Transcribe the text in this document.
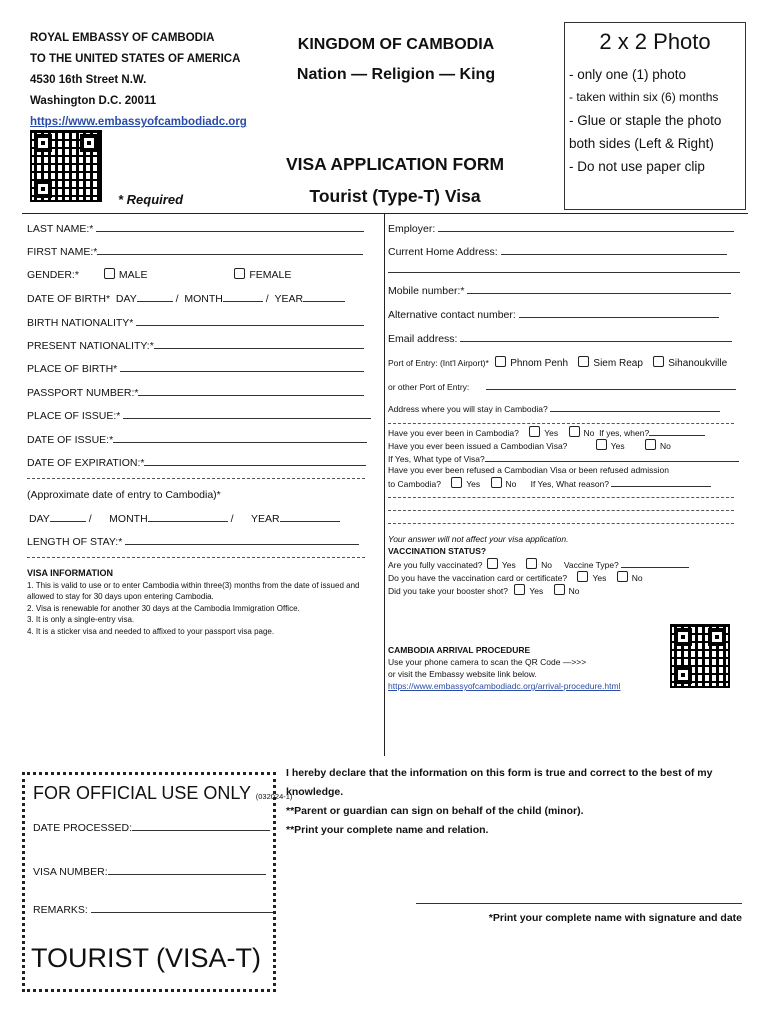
ROYAL EMBASSY OF CAMBODIA
TO THE UNITED STATES OF AMERICA
4530 16th Street N.W.
Washington D.C. 20011
https://www.embassyofcambodiadc.org
* Required
KINGDOM OF CAMBODIA
Nation — Religion — King
VISA APPLICATION FORM
Tourist (Type-T) Visa
2 x 2 Photo
- only one (1) photo
- taken within six (6) months
- Glue or staple the photo
both sides (Left & Right)
- Do not use paper clip
LAST NAME:*
FIRST NAME:*
GENDER:*	MALE	FEMALE
DATE OF BIRTH* DAY	/  MONTH	/  YEAR
BIRTH NATIONALITY*
PRESENT NATIONALITY:*
PLACE OF BIRTH*
PASSPORT NUMBER:*
PLACE OF ISSUE:*
DATE OF ISSUE:*
DATE OF EXPIRATION:*
(Approximate date of entry to Cambodia)*
DAY	/      MONTH	/      YEAR
LENGTH OF STAY:*
VISA INFORMATION
1. This is valid to use or to enter Cambodia within three(3) months from the date of issued and allowed to stay for 30 days upon entering Cambodia.
2. Visa is renewable for another 30 days at the Cambodia Immigration Office.
3. It is only a single-entry visa.
4. It is a sticker visa and needed to affixed to your passport visa page.
Employer:
Current Home Address:
Mobile number:*
Alternative contact number:
Email address:
Port of Entry: (Int'l Airport)* Phnom Penh	Siem Reap	Sihanoukville
or other Port of Entry:
Address where you will stay in Cambodia?
Have you ever been in Cambodia?	Yes	No If yes, when?
Have you ever been issued a Cambodian Visa?	Yes	No
If Yes, What type of Visa?
Have you ever been refused a Cambodian Visa or been refused admission
to Cambodia?	Yes	No If Yes, What reason?
Your answer will not affect your visa application.
VACCINATION STATUS?
Are you fully vaccinated? Yes	No Vaccine Type?
Do you have the vaccination card or certificate?	Yes	No
Did you take your booster shot?	Yes	No
CAMBODIA ARRIVAL PROCEDURE
Use your phone camera to scan the QR Code —>>>
or visit the Embassy website link below.
https://www.embassyofcambodiadc.org/arrival-procedure.html
FOR OFFICIAL USE ONLY (032024-1)
DATE PROCESSED:
VISA NUMBER:
REMARKS:
TOURIST (VISA-T)
I hereby declare that the information on this form is true and correct to the best of my knowledge.
**Parent or guardian can sign on behalf of the child (minor).
**Print your complete name and relation.
*Print your complete name with signature and date
